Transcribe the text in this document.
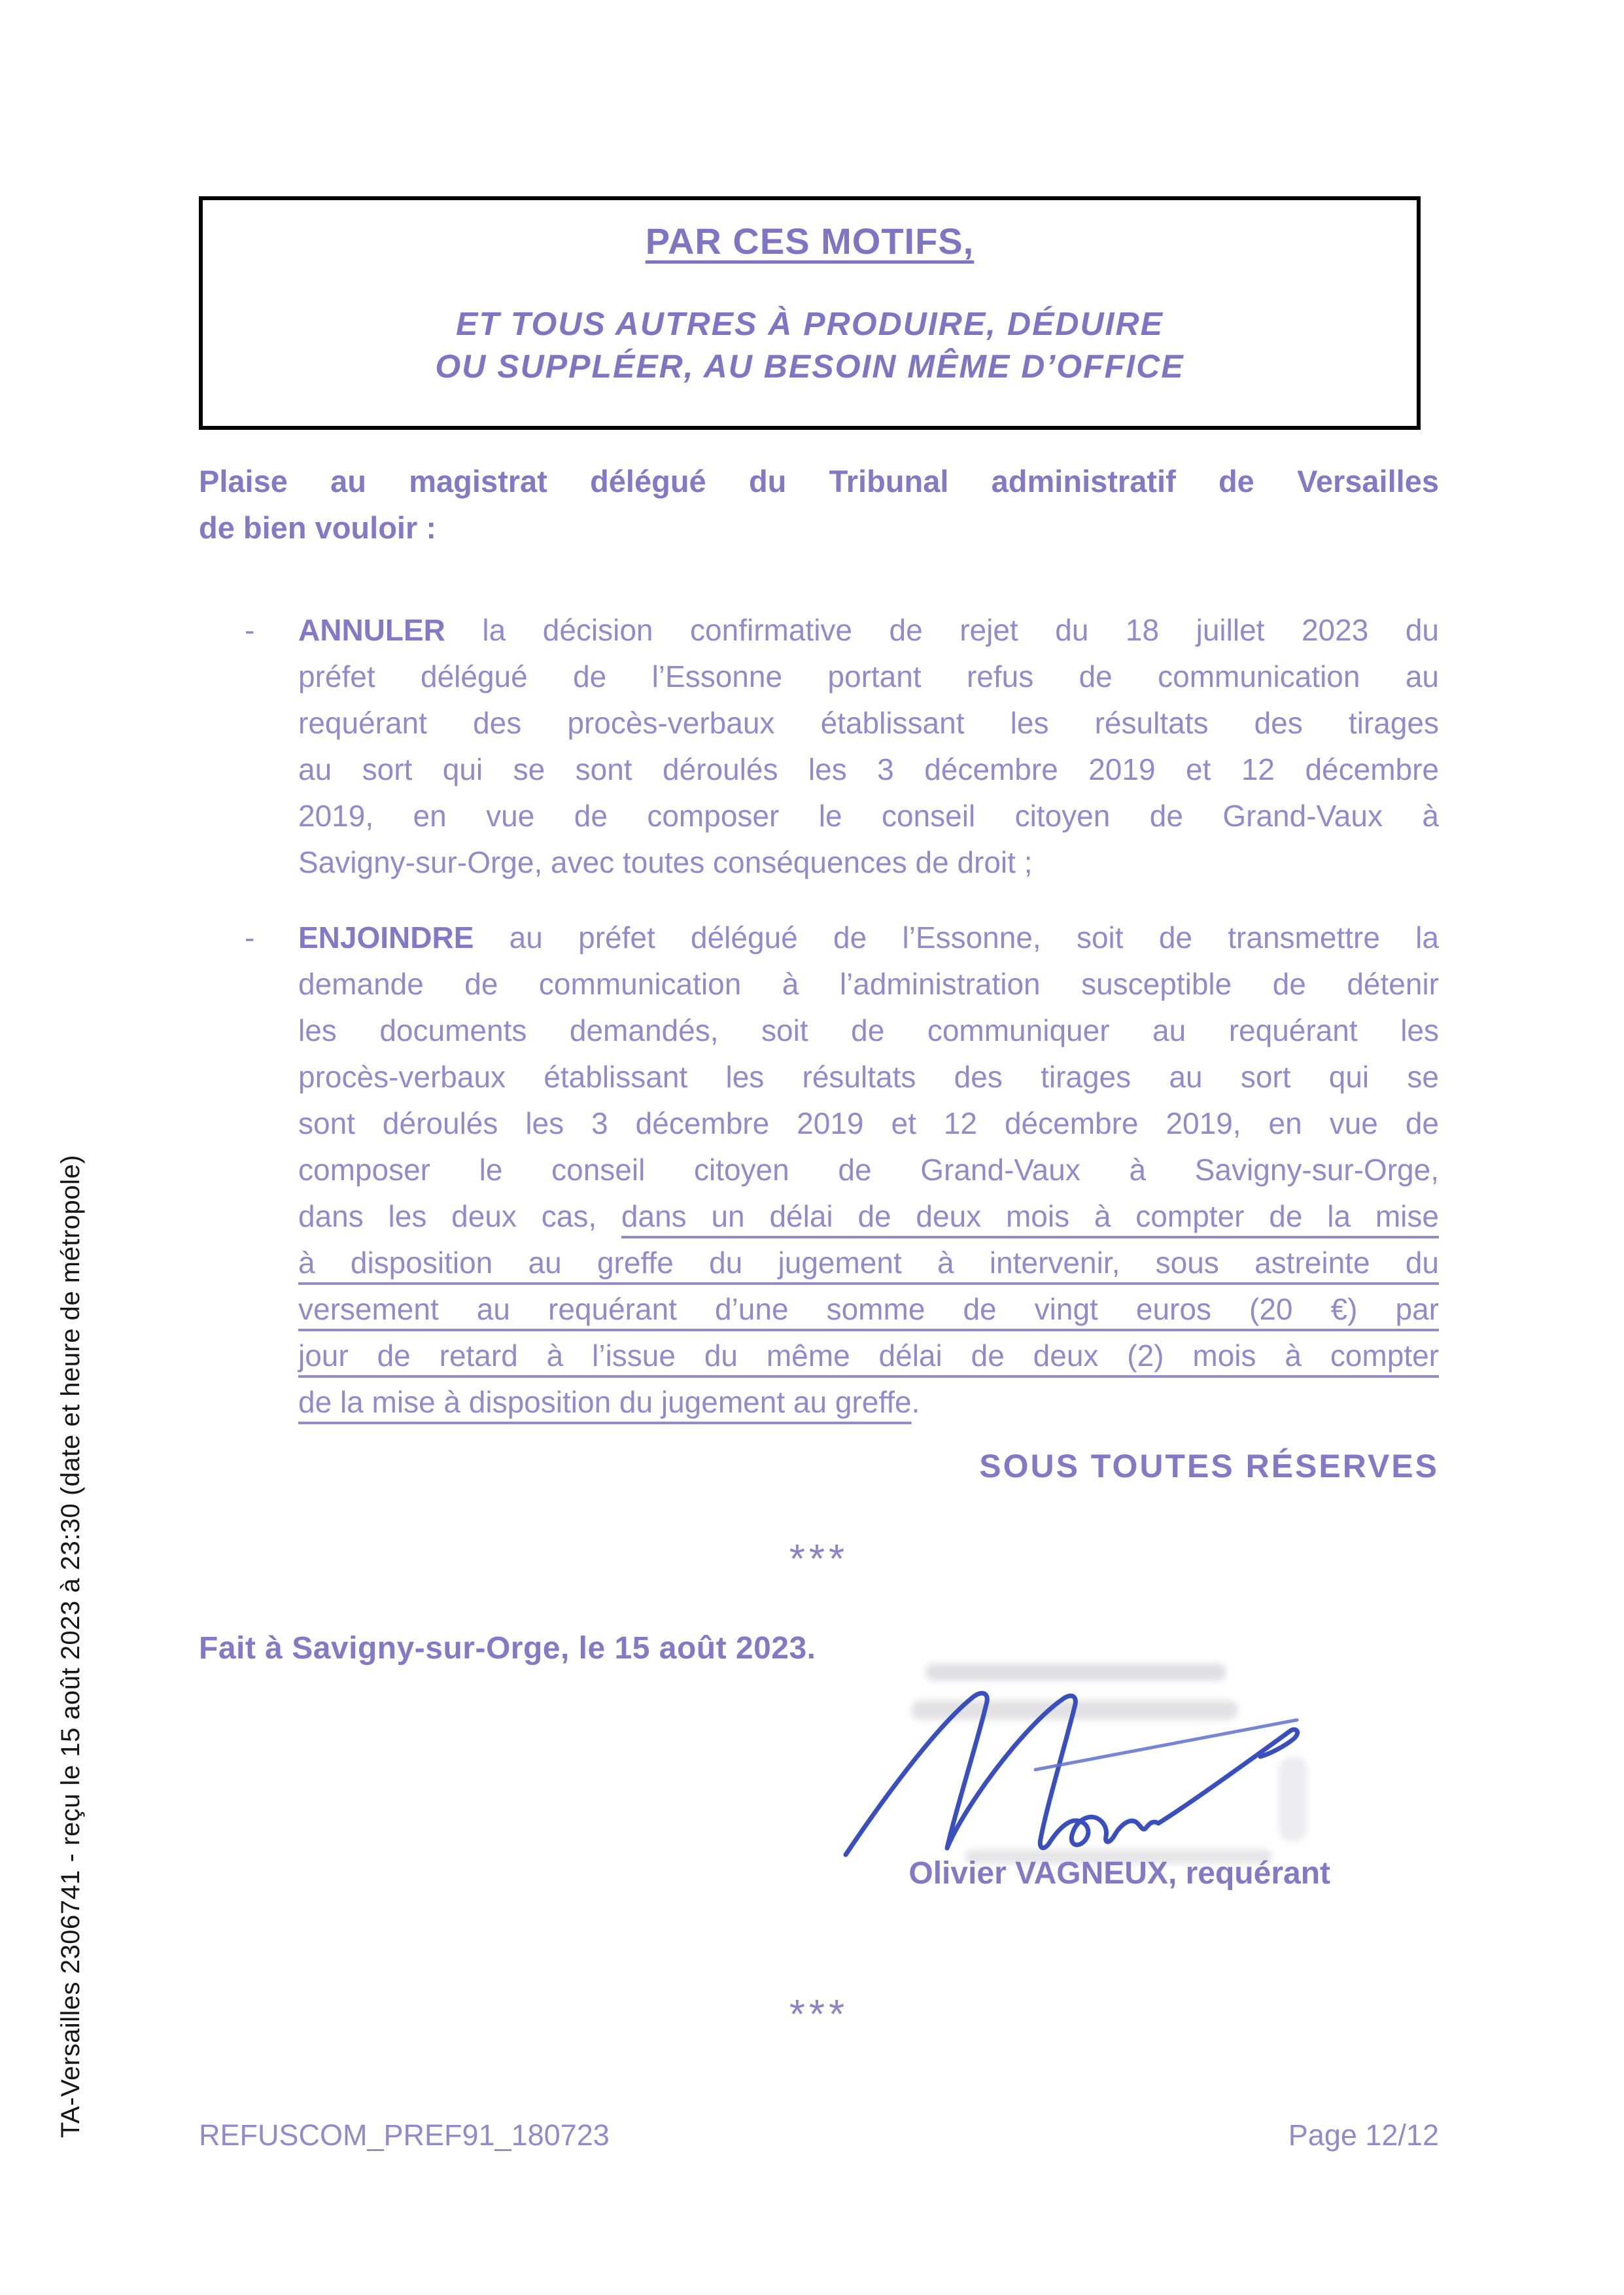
TA-Versailles 2306741 - reçu le 15 août 2023 à 23:30 (date et heure de métropole)
PAR CES MOTIFS,
ET TOUS AUTRES À PRODUIRE, DÉDUIRE
OU SUPPLÉER, AU BESOIN MÊME D’OFFICE
Plaise au magistrat délégué du Tribunal administratif de Versailles
de bien vouloir :
- ANNULER la décision confirmative de rejet du 18 juillet 2023 du
préfet délégué de l’Essonne portant refus de communication au
requérant des procès-verbaux établissant les résultats des tirages
au sort qui se sont déroulés les 3 décembre 2019 et 12 décembre
2019, en vue de composer le conseil citoyen de Grand-Vaux à
Savigny-sur-Orge, avec toutes conséquences de droit ;
- ENJOINDRE au préfet délégué de l’Essonne, soit de transmettre la
demande de communication à l’administration susceptible de détenir
les documents demandés, soit de communiquer au requérant les
procès-verbaux établissant les résultats des tirages au sort qui se
sont déroulés les 3 décembre 2019 et 12 décembre 2019, en vue de
composer le conseil citoyen de Grand-Vaux à Savigny-sur-Orge,
dans les deux cas, dans un délai de deux mois à compter de la mise
à disposition au greffe du jugement à intervenir, sous astreinte du
versement au requérant d’une somme de vingt euros (20 €) par
jour de retard à l’issue du même délai de deux (2) mois à compter
de la mise à disposition du jugement au greffe.
SOUS TOUTES RÉSERVES
***
Fait à Savigny-sur-Orge, le 15 août 2023.
Olivier VAGNEUX, requérant
***
REFUSCOM_PREF91_180723	Page 12/12
